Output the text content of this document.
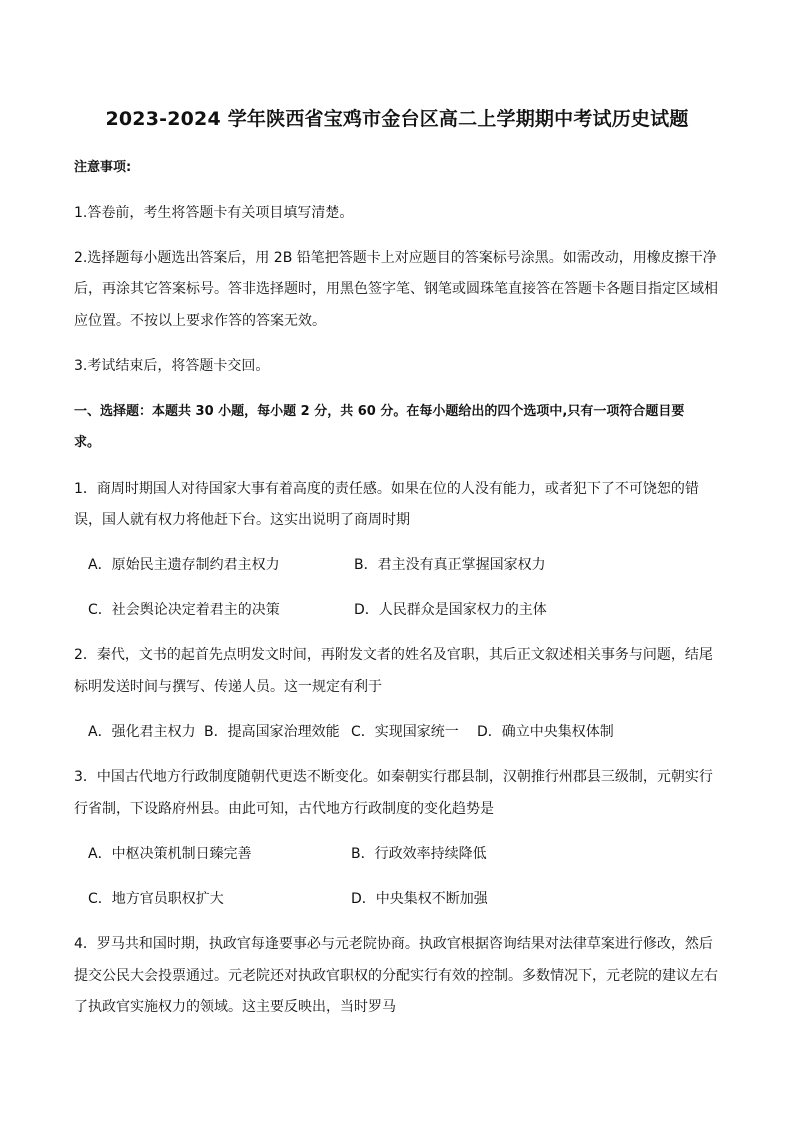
2023-2024 学年陕西省宝鸡市金台区高二上学期期中考试历史试题
注意事项:
1.答卷前，考生将答题卡有关项目填写清楚。
2.选择题每小题选出答案后，用 2B 铅笔把答题卡上对应题目的答案标号涂黑。如需改动，用橡皮擦干净
后，再涂其它答案标号。答非选择题时，用黑色签字笔、钢笔或圆珠笔直接答在答题卡各题目指定区域相
应位置。不按以上要求作答的答案无效。
3.考试结束后，将答题卡交回。
一、选择题：本题共 30 小题，每小题 2 分，共 60 分。在每小题给出的四个选项中,只有一项符合题目要
求。
1．商周时期国人对待国家大事有着高度的责任感。如果在位的人没有能力，或者犯下了不可饶恕的错
误，国人就有权力将他赶下台。这实出说明了商周时期
A．原始民主遗存制约君主权力	B．君主没有真正掌握国家权力
C．社会舆论决定着君主的决策	D．人民群众是国家权力的主体
2．秦代，文书的起首先点明发文时间，再附发文者的姓名及官职，其后正文叙述相关事务与问题，结尾
标明发送时间与撰写、传递人员。这一规定有利于
A．强化君主权力 B．提高国家治理效能 C．实现国家统一 D．确立中央集权体制
3．中国古代地方行政制度随朝代更迭不断变化。如秦朝实行郡县制，汉朝推行州郡县三级制，元朝实行
行省制，下设路府州县。由此可知，古代地方行政制度的变化趋势是
A．中枢决策机制日臻完善	B．行政效率持续降低
C．地方官员职权扩大	D．中央集权不断加强
4．罗马共和国时期，执政官每逢要事必与元老院协商。执政官根据咨询结果对法律草案进行修改，然后
提交公民大会投票通过。元老院还对执政官职权的分配实行有效的控制。多数情况下，元老院的建议左右
了执政官实施权力的领域。这主要反映出，当时罗马
